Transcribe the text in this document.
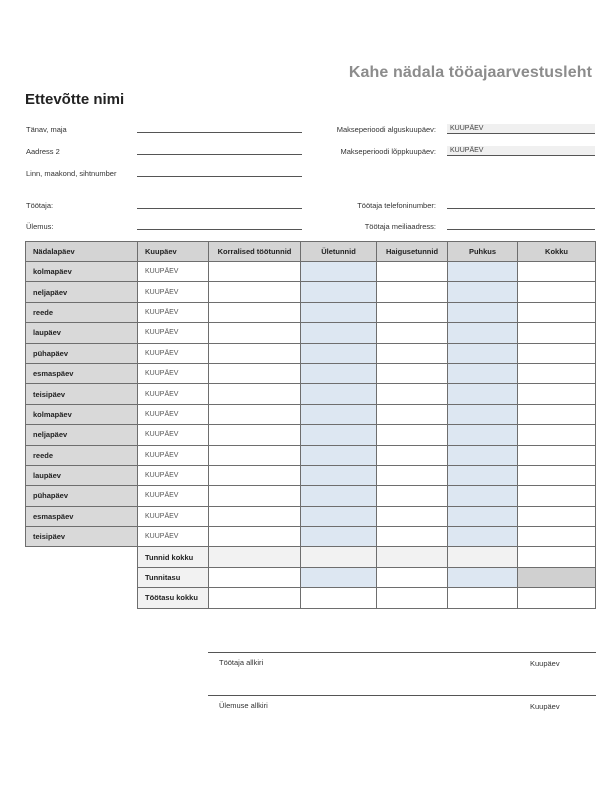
Kahe nädala tööajaarvestusleht
Ettevõtte nimi
Tänav, maja
Aadress 2
Linn, maakond, sihtnumber
Töötaja:
Ülemus:
Makseperioodi alguskuupäev:	KUUPÄEV
Makseperioodi lõppkuupäev:	KUUPÄEV
Töötaja telefoninumber:
Töötaja meiliaadress:
Nädalapäev	Kuupäev	Korralised töötunnid	Ületunnid	Haigusetunnid	Puhkus	Kokku
kolmapäev	KUUPÄEV					
neljapäev	KUUPÄEV					
reede	KUUPÄEV					
laupäev	KUUPÄEV					
pühapäev	KUUPÄEV					
esmaspäev	KUUPÄEV					
teisipäev	KUUPÄEV					
kolmapäev	KUUPÄEV					
neljapäev	KUUPÄEV					
reede	KUUPÄEV					
laupäev	KUUPÄEV					
pühapäev	KUUPÄEV					
esmaspäev	KUUPÄEV					
teisipäev	KUUPÄEV					
	Tunnid kokku					
	Tunnitasu					
	Töötasu kokku					
Töötaja allkiri	Kuupäev
Ülemuse allkiri	Kuupäev
